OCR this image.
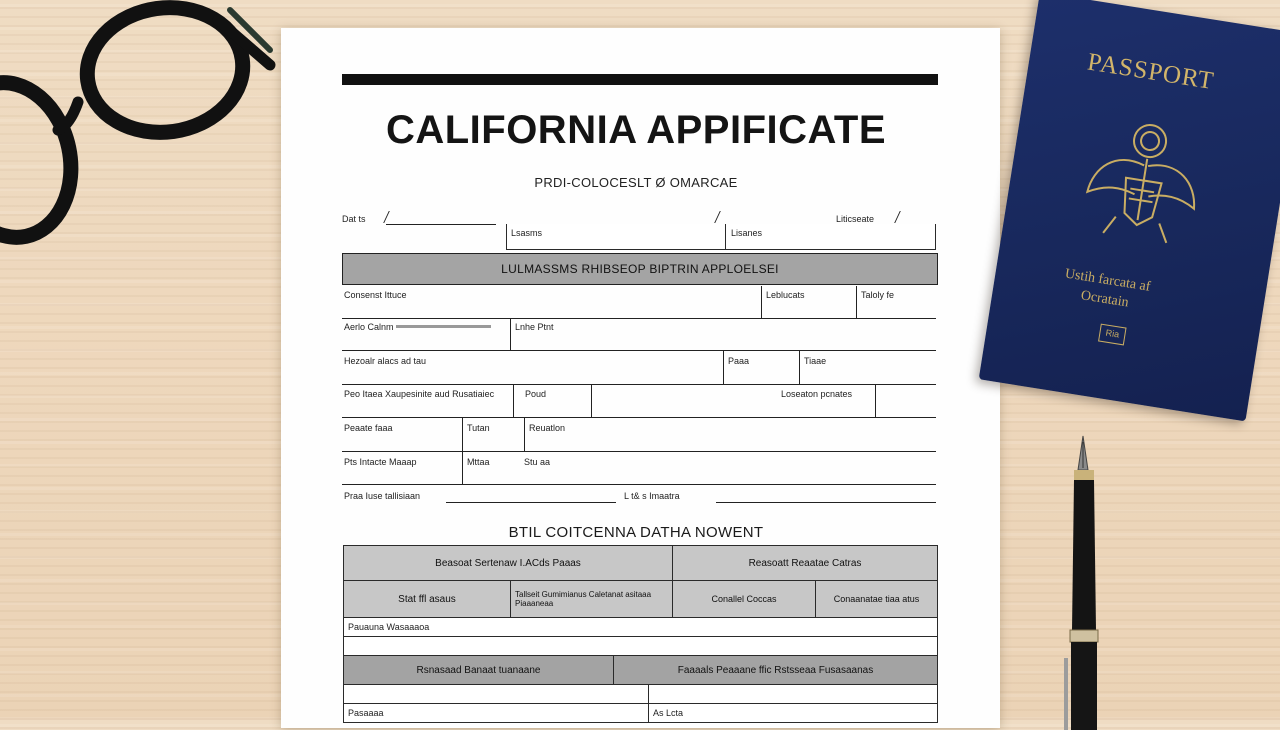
CALIFORNIA APPIFICATE
PRDI-COLOCESLT Ø OMARCAE
Dat ts	Liticseate
Lsasms	Lisanes
LULMASSMS RHIBSEOP BIPTRIN APPLOELSEI
Consenst Ittuce	Leblucats	Taloly fe
Aerlo Calnm	Lnhe Ptnt
Hezoalr alacs ad tau	Paaa	Tiaae
Peo Itaea Xaupesinite aud Rusatiaiec	Poud	Loseaton pcnates
Peaate faaa	Tutan	Reuatlon
Pts Intacte Maaap	Mttaa	Stu aa
Praa Iuse tallisiaan	L t& s Imaatra
BTIL COITCENNA DATHA NOWENT
Beasoat Sertenaw I.ACds Paaas	Reasoatt Reaatae Catras
Stat ffl asaus	Tallseit Gumimianus Caletanat asitaaa Piaaaneaa	Conallel Coccas	Conaanatae tiaa atus
Pauauna Wasaaaoa
Rsnasaad Banaat tuanaane	Faaaals Peaaane ffic Rstsseaa Fusasaanas
Pasaaaa	As Lcta
PASSPORT
Ustih farcata af Ocratain
Ria
